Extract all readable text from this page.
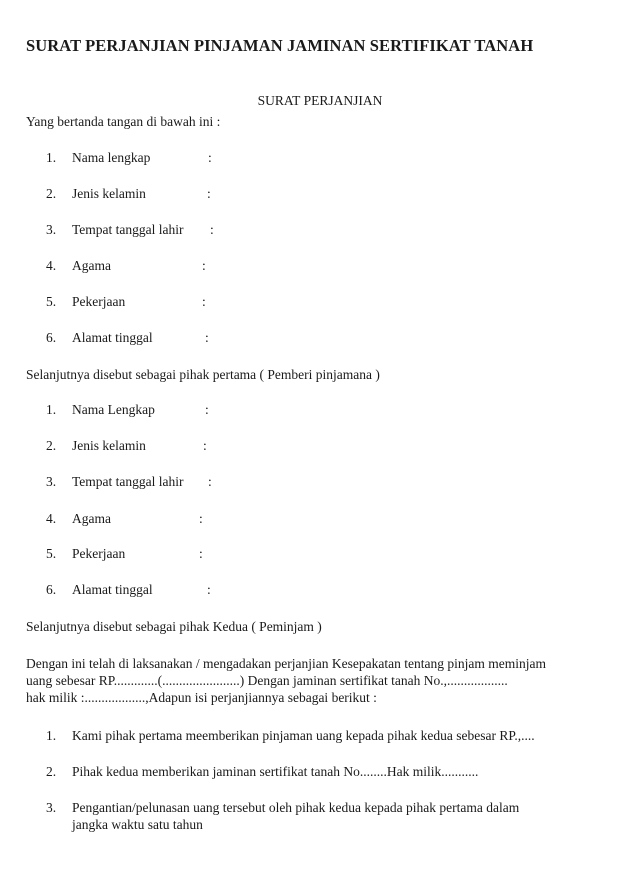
SURAT PERJANJIAN PINJAMAN JAMINAN SERTIFIKAT TANAH
SURAT PERJANJIAN
Yang bertanda tangan di bawah ini :
1.	Nama lengkap	:
2.	Jenis kelamin	:
3.	Tempat tanggal lahir :
4.	Agama	:
5.	Pekerjaan	:
6.	Alamat tinggal	:
Selanjutnya disebut sebagai pihak pertama ( Pemberi pinjamana )
1.	Nama Lengkap	:
2.	Jenis kelamin	:
3.	Tempat tanggal lahir :
4.	Agama	:
5.	Pekerjaan	:
6.	Alamat tinggal	:
Selanjutnya disebut sebagai pihak Kedua ( Peminjam )
Dengan ini telah di laksanakan / mengadakan perjanjian Kesepakatan tentang pinjam meminjam
uang sebesar RP.............(.......................) Dengan jaminan sertifikat tanah No.,..................
hak milik :..................,Adapun isi perjanjiannya sebagai berikut :
1.	Kami pihak pertama meemberikan pinjaman uang kepada pihak kedua sebesar RP.,....
2.	Pihak kedua memberikan jaminan sertifikat tanah No........Hak milik...........
3.	Pengantian/pelunasan uang tersebut oleh pihak kedua kepada pihak pertama dalam
jangka waktu satu tahun
